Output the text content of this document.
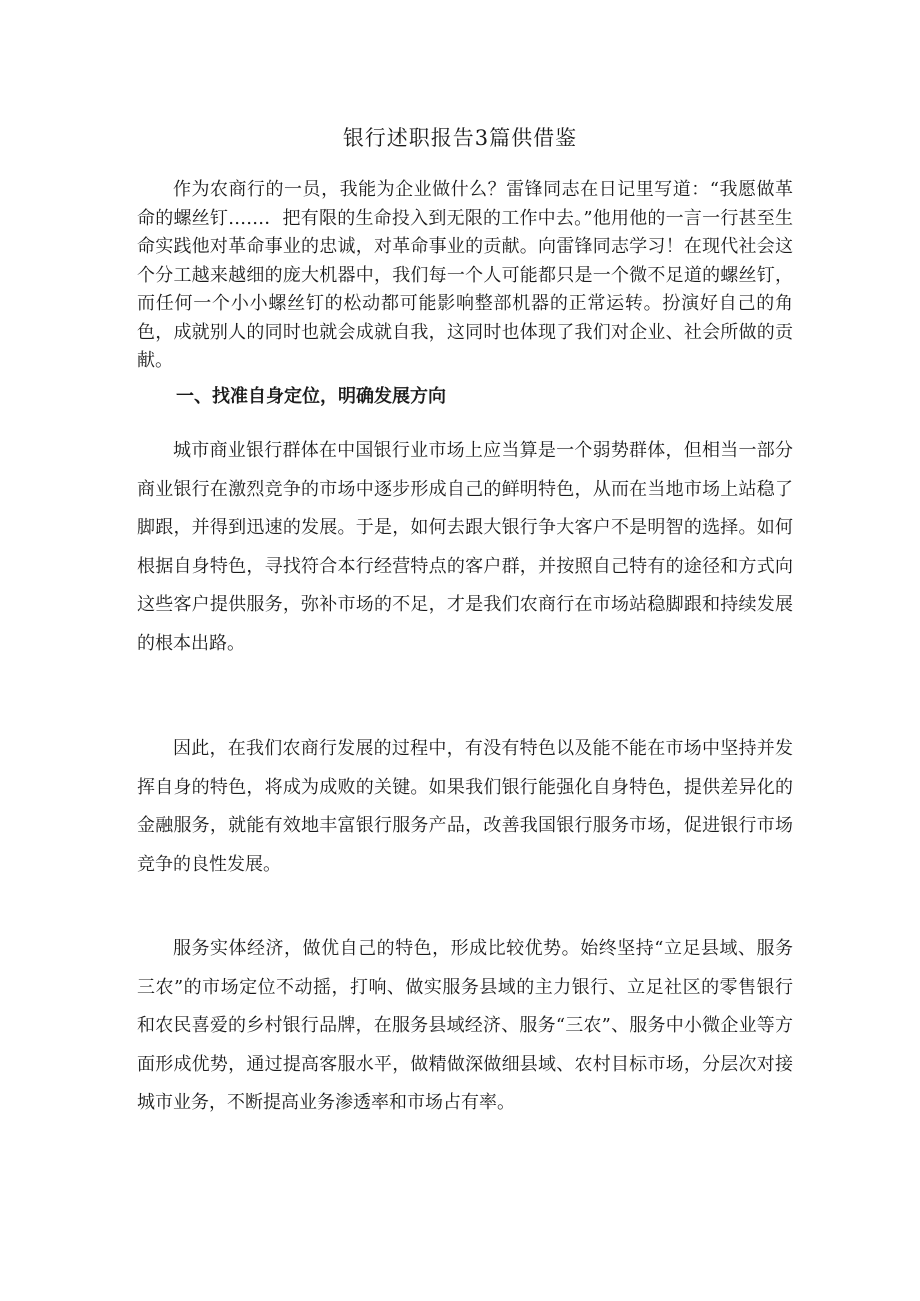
银行述职报告3篇供借鉴

作为农商行的一员，我能为企业做什么？雷锋同志在日记里写道：“我愿做革命的螺丝钉……．把有限的生命投入到无限的工作中去。”他用他的一言一行甚至生命实践他对革命事业的忠诚，对革命事业的贡献。向雷锋同志学习！在现代社会这个分工越来越细的庞大机器中，我们每一个人可能都只是一个微不足道的螺丝钉，而任何一个小小螺丝钉的松动都可能影响整部机器的正常运转。扮演好自己的角色，成就别人的同时也就会成就自我，这同时也体现了我们对企业、社会所做的贡献。

一、找准自身定位，明确发展方向

城市商业银行群体在中国银行业市场上应当算是一个弱势群体，但相当一部分商业银行在激烈竞争的市场中逐步形成自己的鲜明特色，从而在当地市场上站稳了脚跟，并得到迅速的发展。于是，如何去跟大银行争大客户不是明智的选择。如何根据自身特色，寻找符合本行经营特点的客户群，并按照自己特有的途径和方式向这些客户提供服务，弥补市场的不足，才是我们农商行在市场站稳脚跟和持续发展的根本出路。

因此，在我们农商行发展的过程中，有没有特色以及能不能在市场中坚持并发挥自身的特色，将成为成败的关键。如果我们银行能强化自身特色，提供差异化的金融服务，就能有效地丰富银行服务产品，改善我国银行服务市场，促进银行市场竞争的良性发展。

服务实体经济，做优自己的特色，形成比较优势。始终坚持“立足县域、服务三农”的市场定位不动摇，打响、做实服务县域的主力银行、立足社区的零售银行和农民喜爱的乡村银行品牌，在服务县域经济、服务“三农”、服务中小微企业等方面形成优势，通过提高客服水平，做精做深做细县域、农村目标市场，分层次对接城市业务，不断提高业务渗透率和市场占有率。
